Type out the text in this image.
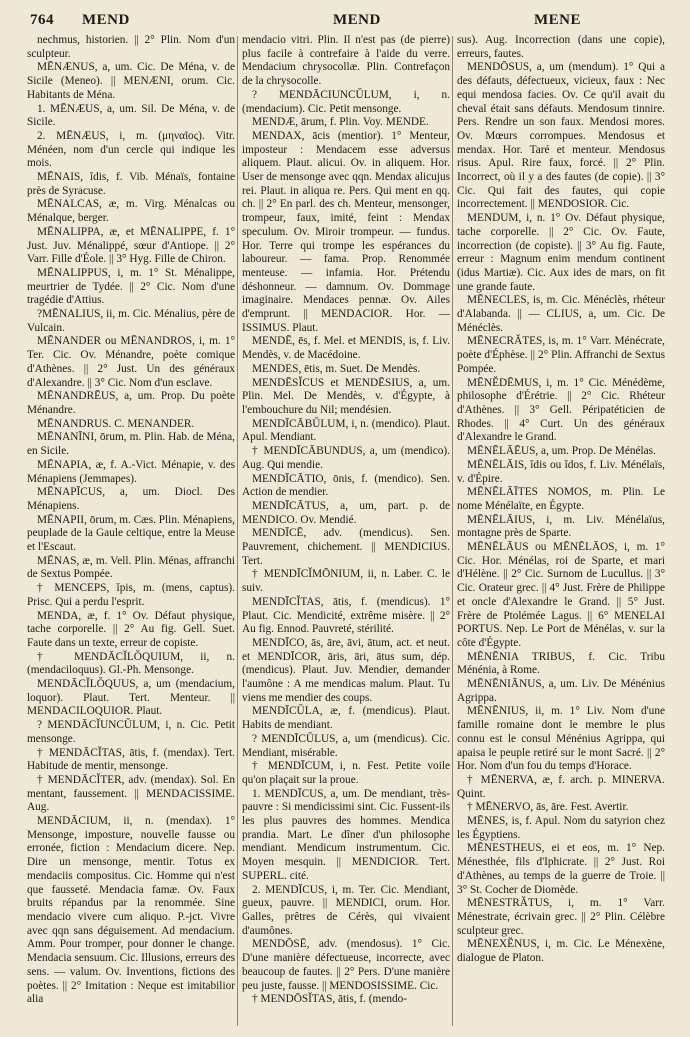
764 MEND	MEND	MENE

nechmus, historien. || 2° Plin. Nom d'un sculpteur.

MĒNÆNUS, a, um. Cic. De Ména, v. de Sicile (Meneo). || MENÆNI, orum. Cic. Habitants de Ména.

1. MĒNÆUS, a, um. Sil. De Ména, v. de Sicile.

2. MĒNÆUS, i, m. (μηναῖος). Vitr. Ménéen, nom d'un cercle qui indique les mois.

MĒNAIS, ĭdis, f. Vib. Ménaïs, fontaine près de Syracuse.

MĒNALCAS, æ, m. Virg. Ménalcas ou Ménalque, berger.

MĒNALIPPA, æ, et MĒNALIPPE, f. 1° Just. Juv. Ménalippé, sœur d'Antiope. || 2° Varr. Fille d'Éole. || 3° Hyg. Fille de Chiron.

MĒNALIPPUS, i, m. 1° St. Ménalippe, meurtrier de Tydée. || 2° Cic. Nom d'une tragédie d'Attius.

?MĒNALIUS, ii, m. Cic. Ménalius, père de Vulcain.

MĒNANDER ou MĒNANDROS, i, m. 1° Ter. Cic. Ov. Ménandre, poète comique d'Athènes. || 2° Just. Un des généraux d'Alexandre. || 3° Cic. Nom d'un esclave.

MĒNANDRĒUS, a, um. Prop. Du poète Ménandre.

MĒNANDRUS. C. MENANDER.

MĒNANĪNI, ōrum, m. Plin. Hab. de Ména, en Sicile.

MĒNAPIA, æ, f. A.-Vict. Ménapie, v. des Ménapiens (Jemmapes).

MĒNAPĪCUS, a, um. Diocl. Des Ménapiens.

MĒNAPII, ōrum, m. Cæs. Plin. Ménapiens, peuplade de la Gaule celtique, entre la Meuse et l'Escaut.

MĒNAS, æ, m. Vell. Plin. Ménas, affranchi de Sextus Pompée.

† MENCEPS, ĭpis, m. (mens, captus). Prisc. Qui a perdu l'esprit.

MENDA, æ, f. 1° Ov. Défaut physique, tache corporelle. || 2° Au fig. Gell. Suet. Faute dans un texte, erreur de copiste.

† MENDĀCĬLŎQUIUM, ii, n. (mendaciloquus). Gl.-Ph. Mensonge.

MENDĀCĬLŎQUUS, a, um (mendacium, loquor). Plaut. Tert. Menteur. || MENDACILOQUIOR. Plaut.

? MENDĀCĬUNCŬLUM, i, n. Cic. Petit mensonge.

† MENDĀCĬTAS, ātis, f. (mendax). Tert. Habitude de mentir, mensonge.

† MENDĀCĬTER, adv. (mendax). Sol. En mentant, faussement. || MENDACISSIME. Aug.

MENDĀCIUM, ii, n. (mendax). 1° Mensonge, imposture, nouvelle fausse ou erronée, fiction : Mendacium dicere. Nep. Dire un mensonge, mentir. Totus ex mendaciis compositus. Cic. Homme qui n'est que fausseté. Mendacia famæ. Ov. Faux bruits répandus par la renommée. Sine mendacio vivere cum aliquo. P.-jct. Vivre avec qqn sans déguisement. Ad mendacium. Amm. Pour tromper, pour donner le change. Mendacia sensuum. Cic. Illusions, erreurs des sens. — valum. Ov. Inventions, fictions des poètes. || 2° Imitation : Neque est imitabilior alia

mendacio vitri. Plin. Il n'est pas (de pierre) plus facile à contrefaire à l'aide du verre. Mendacium chrysocollæ. Plin. Contrefaçon de la chrysocolle.

? MENDĀCIUNCŬLUM, i, n. (mendacium). Cic. Petit mensonge.

MENDÆ, ārum, f. Plin. Voy. MENDE.

MENDAX, ācis (mentior). 1° Menteur, imposteur : Mendacem esse adversus aliquem. Plaut. alicui. Ov. in aliquem. Hor. User de mensonge avec qqn. Mendax alicujus rei. Plaut. in aliqua re. Pers. Qui ment en qq. ch. || 2° En parl. des ch. Menteur, mensonger, trompeur, faux, imité, feint : Mendax speculum. Ov. Miroir trompeur. — fundus. Hor. Terre qui trompe les espérances du laboureur. — fama. Prop. Renommée menteuse. — infamia. Hor. Prétendu déshonneur. — damnum. Ov. Dommage imaginaire. Mendaces pennæ. Ov. Ailes d'emprunt. || MENDACIOR. Hor. — ISSIMUS. Plaut.

MENDĒ, ēs, f. Mel. et MENDIS, is, f. Liv. Mendès, v. de Macédoine.

MENDES, ētis, m. Suet. De Mendès.

MENDĒSĬCUS et MENDĒSIUS, a, um. Plin. Mel. De Mendès, v. d'Égypte, à l'embouchure du Nil; mendésien.

MENDĪCĀBŬLUM, i, n. (mendico). Plaut. Apul. Mendiant.

† MENDĪCĀBUNDUS, a, um (mendico). Aug. Qui mendie.

MENDĪCĀTIO, ōnis, f. (mendico). Sen. Action de mendier.

MENDĪCĀTUS, a, um, part. p. de MENDICO. Ov. Mendié.

MENDĪCĒ, adv. (mendicus). Sen. Pauvrement, chichement. || MENDICIUS. Tert.

† MENDĪCĬMŌNIUM, ii, n. Laber. C. le suiv.

MENDĪCĬTAS, ātis, f. (mendicus). 1° Plaut. Cic. Mendicité, extrême misère. || 2° Au fig. Ennod. Pauvreté, stérilité.

MENDĪCO, ās, āre, āvi, ātum, act. et neut. et MENDĪCOR, āris, āri, ātus sum, dép. (mendicus). Plaut. Juv. Mendier, demander l'aumône : A me mendicas malum. Plaut. Tu viens me mendier des coups.

MENDĪCŬLA, æ, f. (mendicus). Plaut. Habits de mendiant.

? MENDĪCŬLUS, a, um (mendicus). Cic. Mendiant, misérable.

† MENDĪCUM, i, n. Fest. Petite voile qu'on plaçait sur la proue.

1. MENDĪCUS, a, um. De mendiant, très-pauvre : Si mendicissimi sint. Cic. Fussent-ils les plus pauvres des hommes. Mendica prandia. Mart. Le dîner d'un philosophe mendiant. Mendicum instrumentum. Cic. Moyen mesquin. || MENDICIOR. Tert. SUPERL. cité.

2. MENDĪCUS, i, m. Ter. Cic. Mendiant, gueux, pauvre. || MENDICI, orum. Hor. Galles, prêtres de Cérès, qui vivaient d'aumônes.

MENDŌSĒ, adv. (mendosus). 1° Cic. D'une manière défectueuse, incorrecte, avec beaucoup de fautes. || 2° Pers. D'une manière peu juste, fausse. || MENDOSISSIME. Cic.

† MENDŌSĬTAS, ātis, f. (mendo-

sus). Aug. Incorrection (dans une copie), erreurs, fautes.

MENDŌSUS, a, um (mendum). 1° Qui a des défauts, défectueux, vicieux, faux : Nec equi mendosa facies. Ov. Ce qu'il avait du cheval était sans défauts. Mendosum tinnire. Pers. Rendre un son faux. Mendosi mores. Ov. Mœurs corrompues. Mendosus et mendax. Hor. Taré et menteur. Mendosus risus. Apul. Rire faux, forcé. || 2° Plin. Incorrect, où il y a des fautes (de copie). || 3° Cic. Qui fait des fautes, qui copie incorrectement. || MENDOSIOR. Cic.

MENDUM, i, n. 1° Ov. Défaut physique, tache corporelle. || 2° Cic. Ov. Faute, incorrection (de copiste). || 3° Au fig. Faute, erreur : Magnum enim mendum continent (idus Martiæ). Cic. Aux ides de mars, on fit une grande faute.

MĒNECLES, is, m. Cic. Ménéclès, rhéteur d'Alabanda. || — CLIUS, a, um. Cic. De Ménéclès.

MĒNECRĂTES, is, m. 1° Varr. Ménécrate, poète d'Éphèse. || 2° Plin. Affranchi de Sextus Pompée.

MĒNĔDĒMUS, i, m. 1° Cic. Ménédème, philosophe d'Érétrie. || 2° Cic. Rhéteur d'Athènes. || 3° Gell. Péripatéticien de Rhodes. || 4° Curt. Un des généraux d'Alexandre le Grand.

MĒNĒLĀĒUS, a, um. Prop. De Ménélas.

MĒNĒLĀIS, ĭdis ou ĭdos, f. Liv. Ménélaïs, v. d'Épire.

MĒNĒLĀĪTES NOMOS, m. Plin. Le nome Ménélaïte, en Égypte.

MĒNĒLĀIUS, i, m. Liv. Ménélaïus, montagne près de Sparte.

MĒNĒLĀUS ou MĒNĒLĀOS, i, m. 1° Cic. Hor. Ménélas, roi de Sparte, et mari d'Hélène. || 2° Cic. Surnom de Lucullus. || 3° Cic. Orateur grec. || 4° Just. Frère de Philippe et oncle d'Alexandre le Grand. || 5° Just. Frère de Ptolémée Lagus. || 6° MENELAI PORTUS. Nep. Le Port de Ménélas, v. sur la côte d'Égypte.

MĒNĒNIA TRIBUS, f. Cic. Tribu Ménénia, à Rome.

MĒNĒNIĀNUS, a, um. Liv. De Ménénius Agrippa.

MĒNĒNIUS, ii, m. 1° Liv. Nom d'une famille romaine dont le membre le plus connu est le consul Ménénius Agrippa, qui apaisa le peuple retiré sur le mont Sacré. || 2° Hor. Nom d'un fou du temps d'Horace.

† MĒNERVA, æ, f. arch. p. MINERVA. Quint.

† MĒNERVO, ās, āre. Fest. Avertir.

MĒNES, is, f. Apul. Nom du satyrion chez les Égyptiens.

MĒNESTHEUS, ei et eos, m. 1° Nep. Ménesthée, fils d'Iphicrate. || 2° Just. Roi d'Athènes, au temps de la guerre de Troie. || 3° St. Cocher de Diomède.

MĒNESTRĂTUS, i, m. 1° Varr. Ménestrate, écrivain grec. || 2° Plin. Célèbre sculpteur grec.

MĒNEXĔNUS, i, m. Cic. Le Ménexène, dialogue de Platon.
